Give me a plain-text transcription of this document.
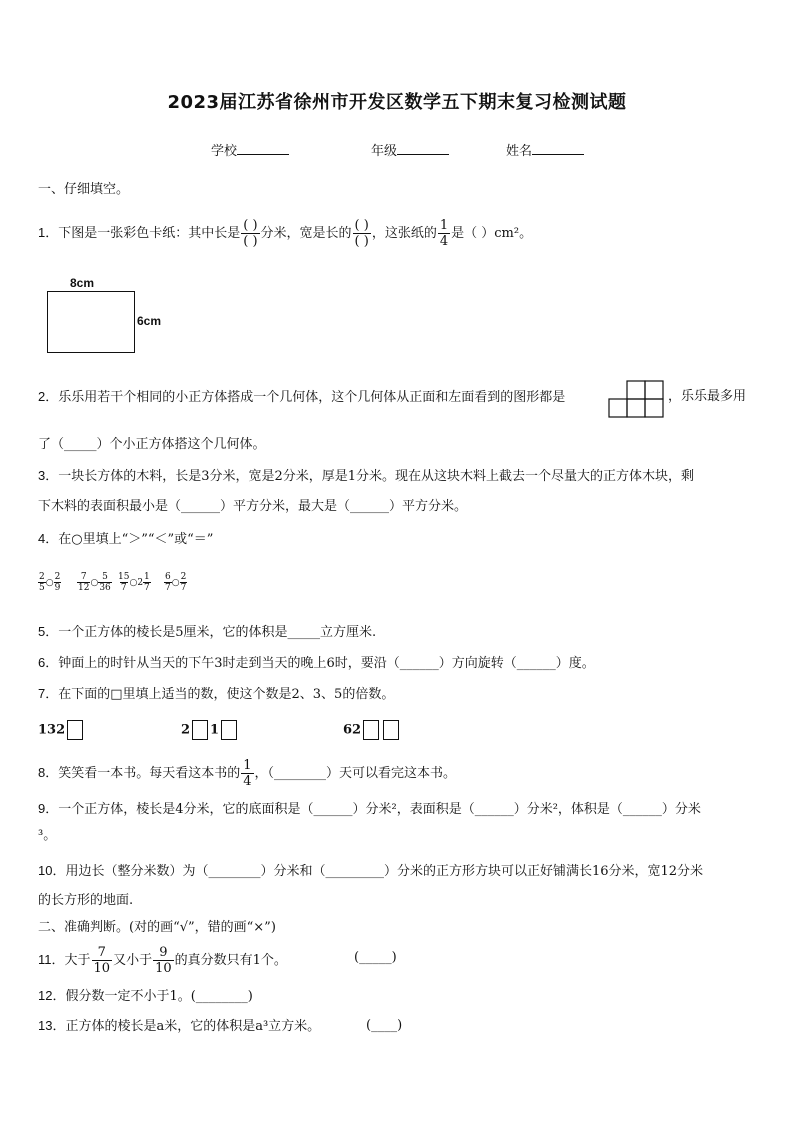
2023届江苏省徐州市开发区数学五下期末复习检测试题
学校	年级	姓名
一、仔细填空。
1．下图是一张彩色卡纸：其中长是 $\frac{( )}{( )}$ 分米，宽是长的 $\frac{( )}{( )}$ ，这张纸的 $\frac{1}{4}$ 是（ ）cm²。
8cm
6cm
2．乐乐用若干个相同的小正方体搭成一个几何体，这个几何体从正面和左面看到的图形都是	，乐乐最多用
了（_____）个小正方体搭这个几何体。
3．一块长方体的木料，长是3分米，宽是2分米，厚是1分米。现在从这块木料上截去一个尽量大的正方体木块，剩
下木料的表面积最小是（______）平方分米，最大是（______）平方分米。
4．在○里填上“＞”“＜”或“＝”
$\frac{2}{5}$ ○ $\frac{2}{9} \frac{7}{12}$ ○ $\frac{5}{36} \frac{15}{7}$ ○2 $\frac{1}{7} \frac{6}{7}$ ○ $\frac{2}{7}$
5．一个正方体的棱长是5厘米，它的体积是_____立方厘米.
6．钟面上的时针从当天的下午3时走到当天的晚上6时，要沿（______）方向旋转（______）度。
7．在下面的□里填上适当的数，使这个数是2、3、5的倍数。
132	2 1	62
8．笑笑看一本书。每天看这本书的 $\frac{1}{4}$ ，（________）天可以看完这本书。
9．一个正方体，棱长是4分米，它的底面积是（______）分米²，表面积是（______）分米²，体积是（______）分米
³。
10．用边长（整分米数）为（________）分米和（_________）分米的正方形方块可以正好铺满长16分米，宽12分米
的长方形的地面.
二、准确判断。(对的画“√”，错的画“×”)
11．大于 $\frac{7}{10}$ 又小于 $\frac{9}{10}$ 的真分数只有1个。	(_____)
12．假分数一定不小于1。(________)
13．正方体的棱长是a米，它的体积是a³立方米。	(____)
